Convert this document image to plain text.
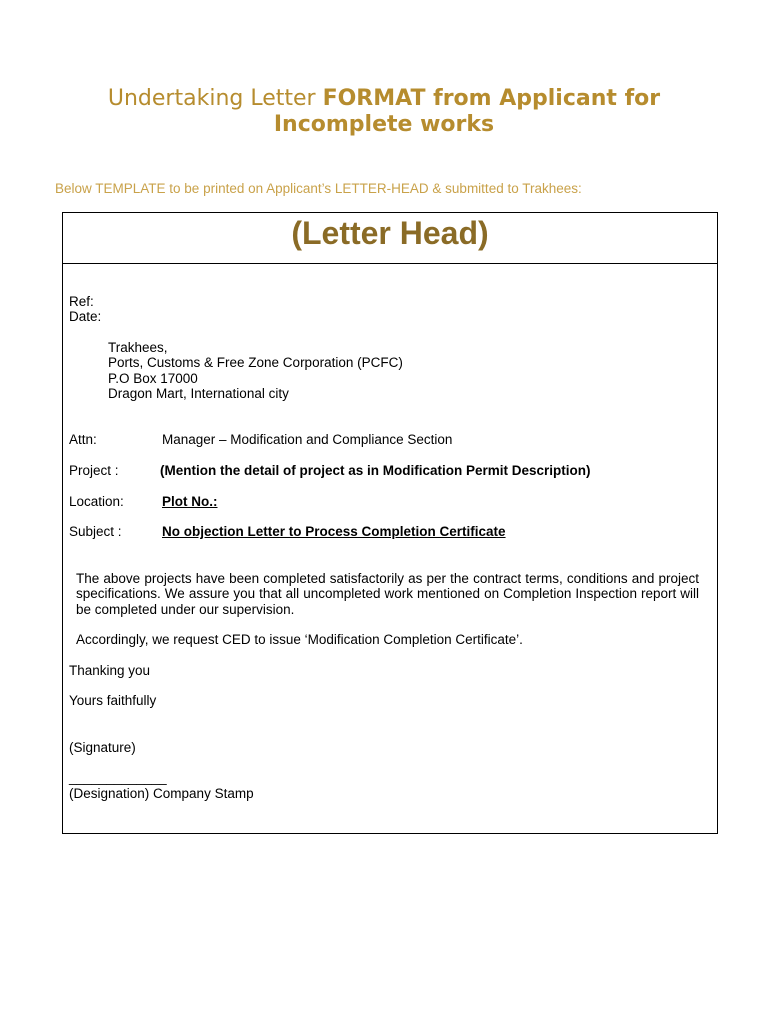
Undertaking Letter FORMAT from Applicant for Incomplete works
Below TEMPLATE to be printed on Applicant’s LETTER-HEAD & submitted to Trakhees:
(Letter Head)
Ref:
Date:
Trakhees,
Ports, Customs & Free Zone Corporation (PCFC)
P.O Box 17000
Dragon Mart, International city
Attn:	Manager – Modification and Compliance Section
Project :	(Mention the detail of project as in Modification Permit Description)
Location:	Plot No.:
Subject :	No objection Letter to Process Completion Certificate
The above projects have been completed satisfactorily as per the contract terms, conditions and project specifications. We assure you that all uncompleted work mentioned on Completion Inspection report will be completed under our supervision.
Accordingly, we request CED to issue ‘Modification Completion Certificate’.
Thanking you
Yours faithfully
(Signature)
_____________
(Designation) Company Stamp
